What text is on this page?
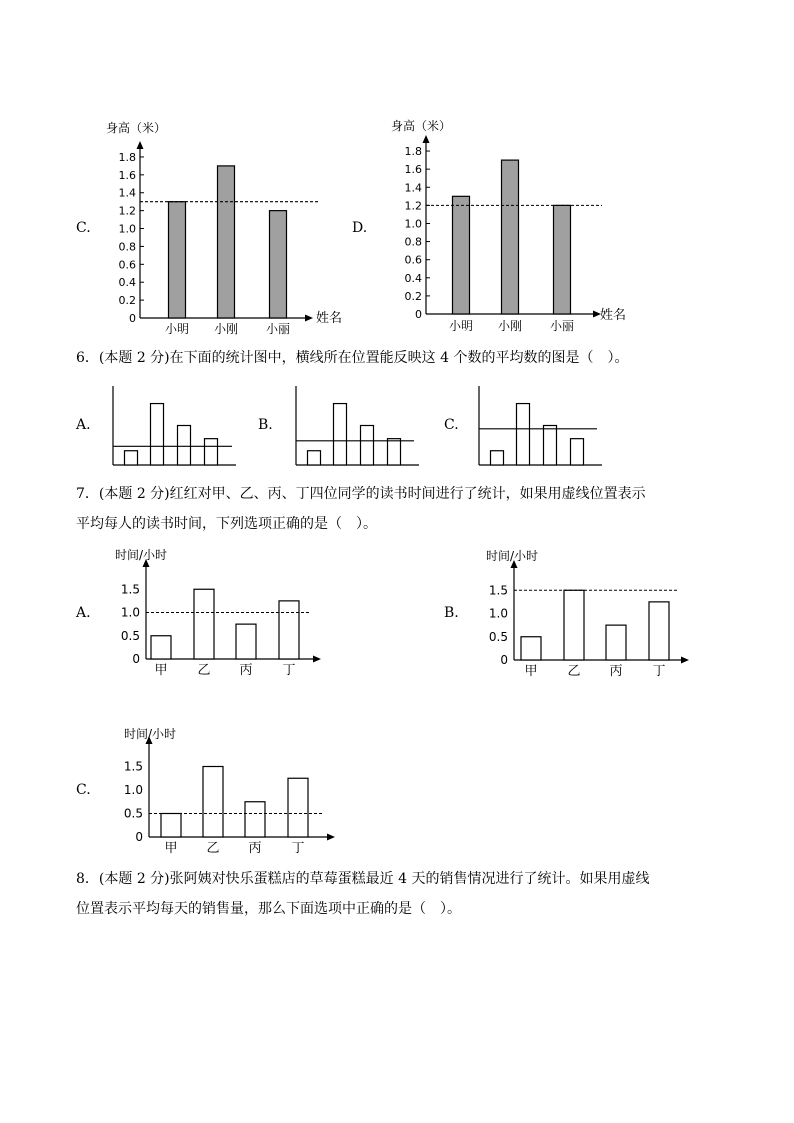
C.
0
0.2
0.4
0.6
0.8
1.0
1.2
1.4
1.6
1.8
小明 小刚 小丽
身高（米）
姓名
D.
0
0.2
0.4
0.6
0.8
1.0
1.2
1.4
1.6
1.8
小明 小刚 小丽
身高（米）
姓名
6．(本题 2 分)在下面的统计图中，横线所在位置能反映这 4 个数的平均数的图是（　）。
A.	B.	C.
7．(本题 2 分)红红对甲、乙、丙、丁四位同学的读书时间进行了统计，如果用虚线位置表示
平均每人的读书时间，下列选项正确的是（　）。
A.
0
0.5
1.0
1.5
甲 乙 丙 丁
时间/小时
B.
0
0.5
1.0
1.5
甲 乙 丙 丁
时间/小时
C.
0
0.5
1.0
1.5
甲 乙 丙 丁
时间/小时
8．(本题 2 分)张阿姨对快乐蛋糕店的草莓蛋糕最近 4 天的销售情况进行了统计。如果用虚线
位置表示平均每天的销售量，那么下面选项中正确的是（　）。
